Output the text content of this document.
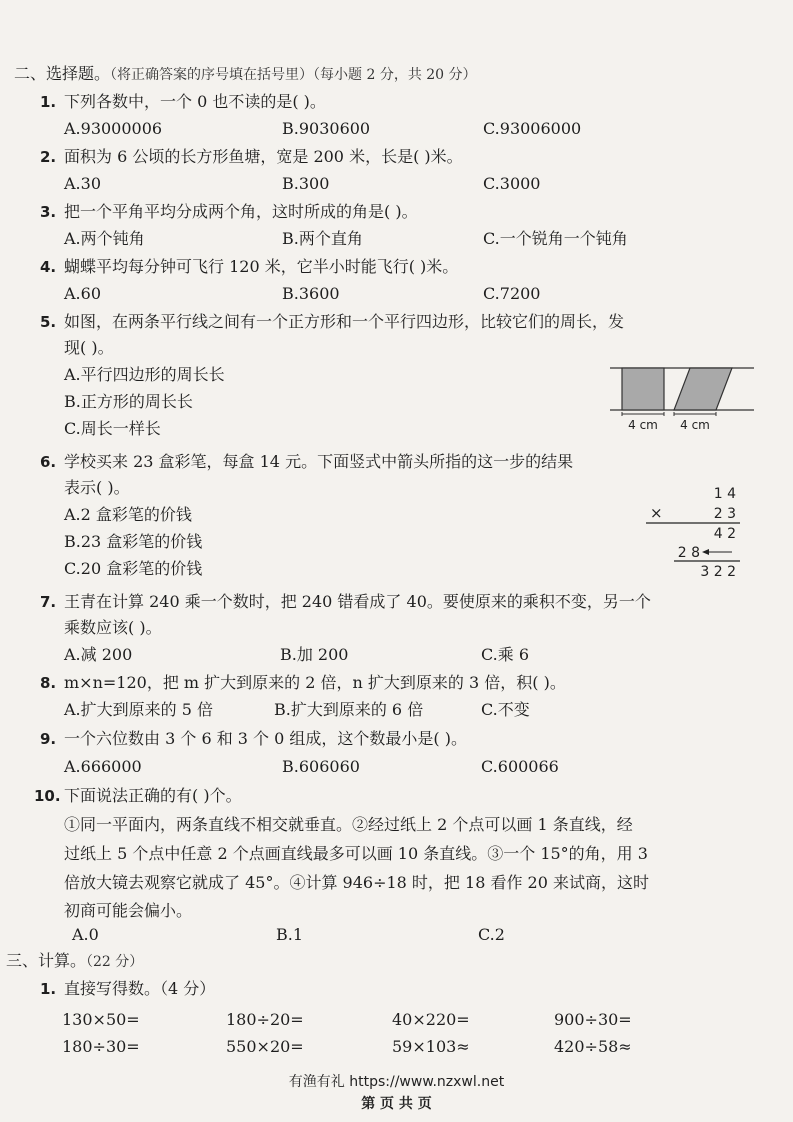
二、选择题。（将正确答案的序号填在括号里）（每小题 2 分，共 20 分）
1. 下列各数中，一个 0 也不读的是( )。
A.93000006	B.9030600	C.93006000
2. 面积为 6 公顷的长方形鱼塘，宽是 200 米，长是( )米。
A.30	B.300	C.3000
3. 把一个平角平均分成两个角，这时所成的角是( )。
A.两个钝角	B.两个直角	C.一个锐角一个钝角
4. 蝴蝶平均每分钟可飞行 120 米，它半小时能飞行( )米。
A.60	B.3600	C.7200
5. 如图，在两条平行线之间有一个正方形和一个平行四边形，比较它们的周长，发
现( )。
A.平行四边形的周长长
B.正方形的周长长
C.周长一样长	4 cm 4 cm
6. 学校买来 23 盒彩笔，每盒 14 元。下面竖式中箭头所指的这一步的结果
表示( )。
A.2 盒彩笔的价钱
B.23 盒彩笔的价钱
C.20 盒彩笔的价钱
1 4
×	2 3
4 2
2 8
3 2 2
7. 王青在计算 240 乘一个数时，把 240 错看成了 40。要使原来的乘积不变，另一个
乘数应该( )。
A.减 200	B.加 200	C.乘 6
8. m×n=120，把 m 扩大到原来的 2 倍，n 扩大到原来的 3 倍，积( )。
A.扩大到原来的 5 倍	B.扩大到原来的 6 倍	C.不变
9. 一个六位数由 3 个 6 和 3 个 0 组成，这个数最小是( )。
A.666000	B.606060	C.600066
10. 下面说法正确的有( )个。
①同一平面内，两条直线不相交就垂直。②经过纸上 2 个点可以画 1 条直线，经
过纸上 5 个点中任意 2 个点画直线最多可以画 10 条直线。③一个 15°的角，用 3
倍放大镜去观察它就成了 45°。④计算 946÷18 时，把 18 看作 20 来试商，这时
初商可能会偏小。
A.0	B.1	C.2
三、计算。（22 分）
1. 直接写得数。（4 分）
130×50=	180÷20=	40×220=	900÷30=
180÷30=	550×20=	59×103≈	420÷58≈
有渔有礼 https://www.nzxwl.net
第 页 共 页
